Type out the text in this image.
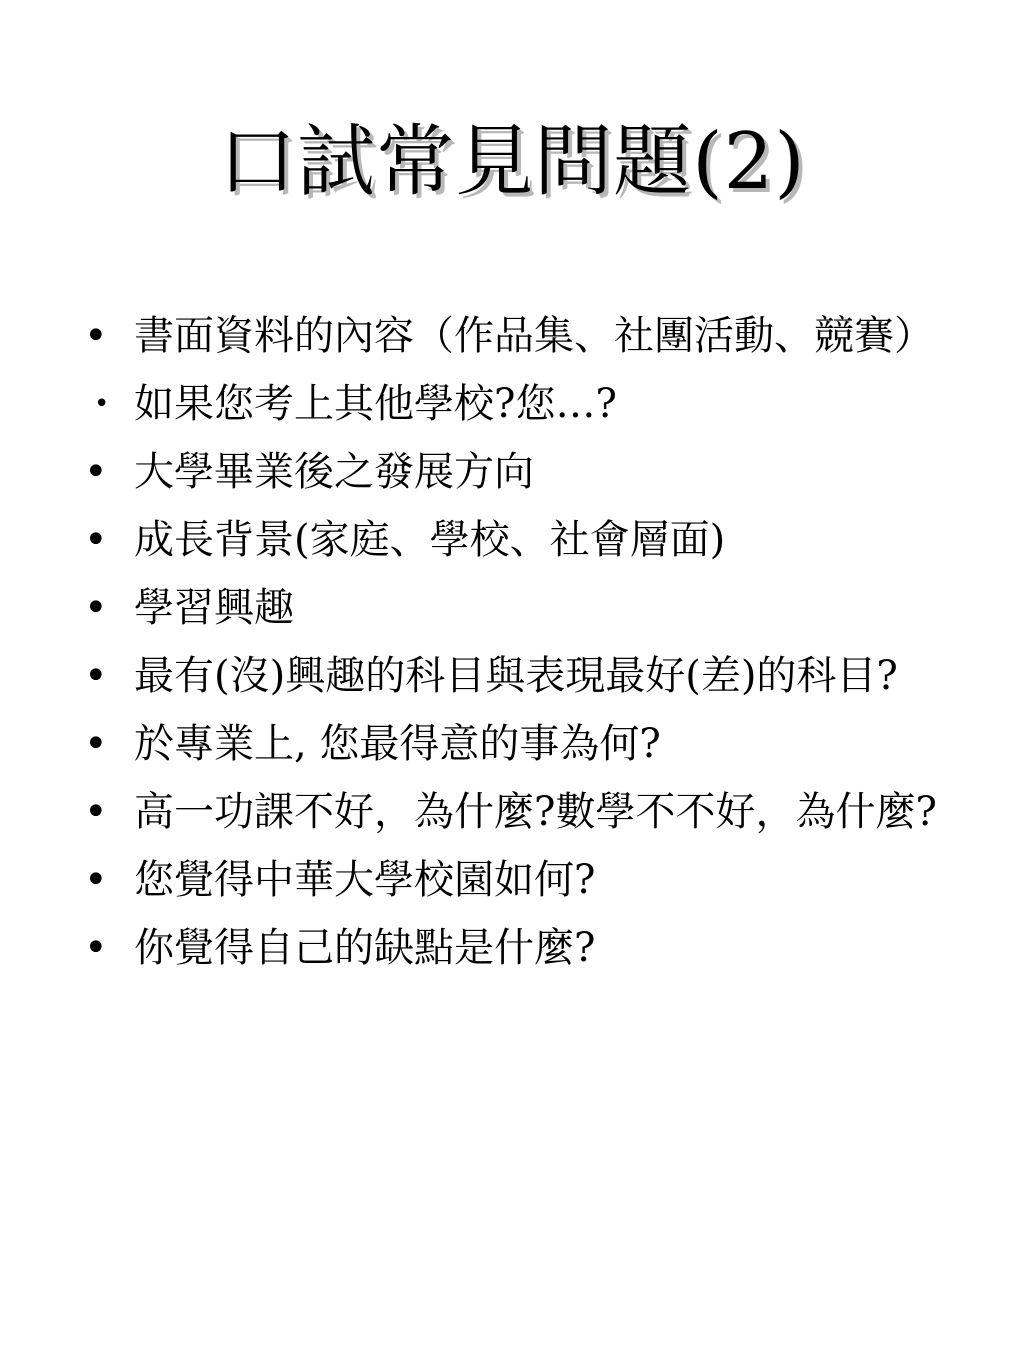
口試常見問題(2)
• 書面資料的內容（作品集、社團活動、競賽）
• 如果您考上其他學校?您…?
• 大學畢業後之發展方向
• 成長背景(家庭、學校、社會層面)
• 學習興趣
• 最有(沒)興趣的科目與表現最好(差)的科目?
• 於專業上, 您最得意的事為何?
• 高一功課不好，為什麼?數學不不好，為什麼?
• 您覺得中華大學校園如何?
• 你覺得自己的缺點是什麼?
